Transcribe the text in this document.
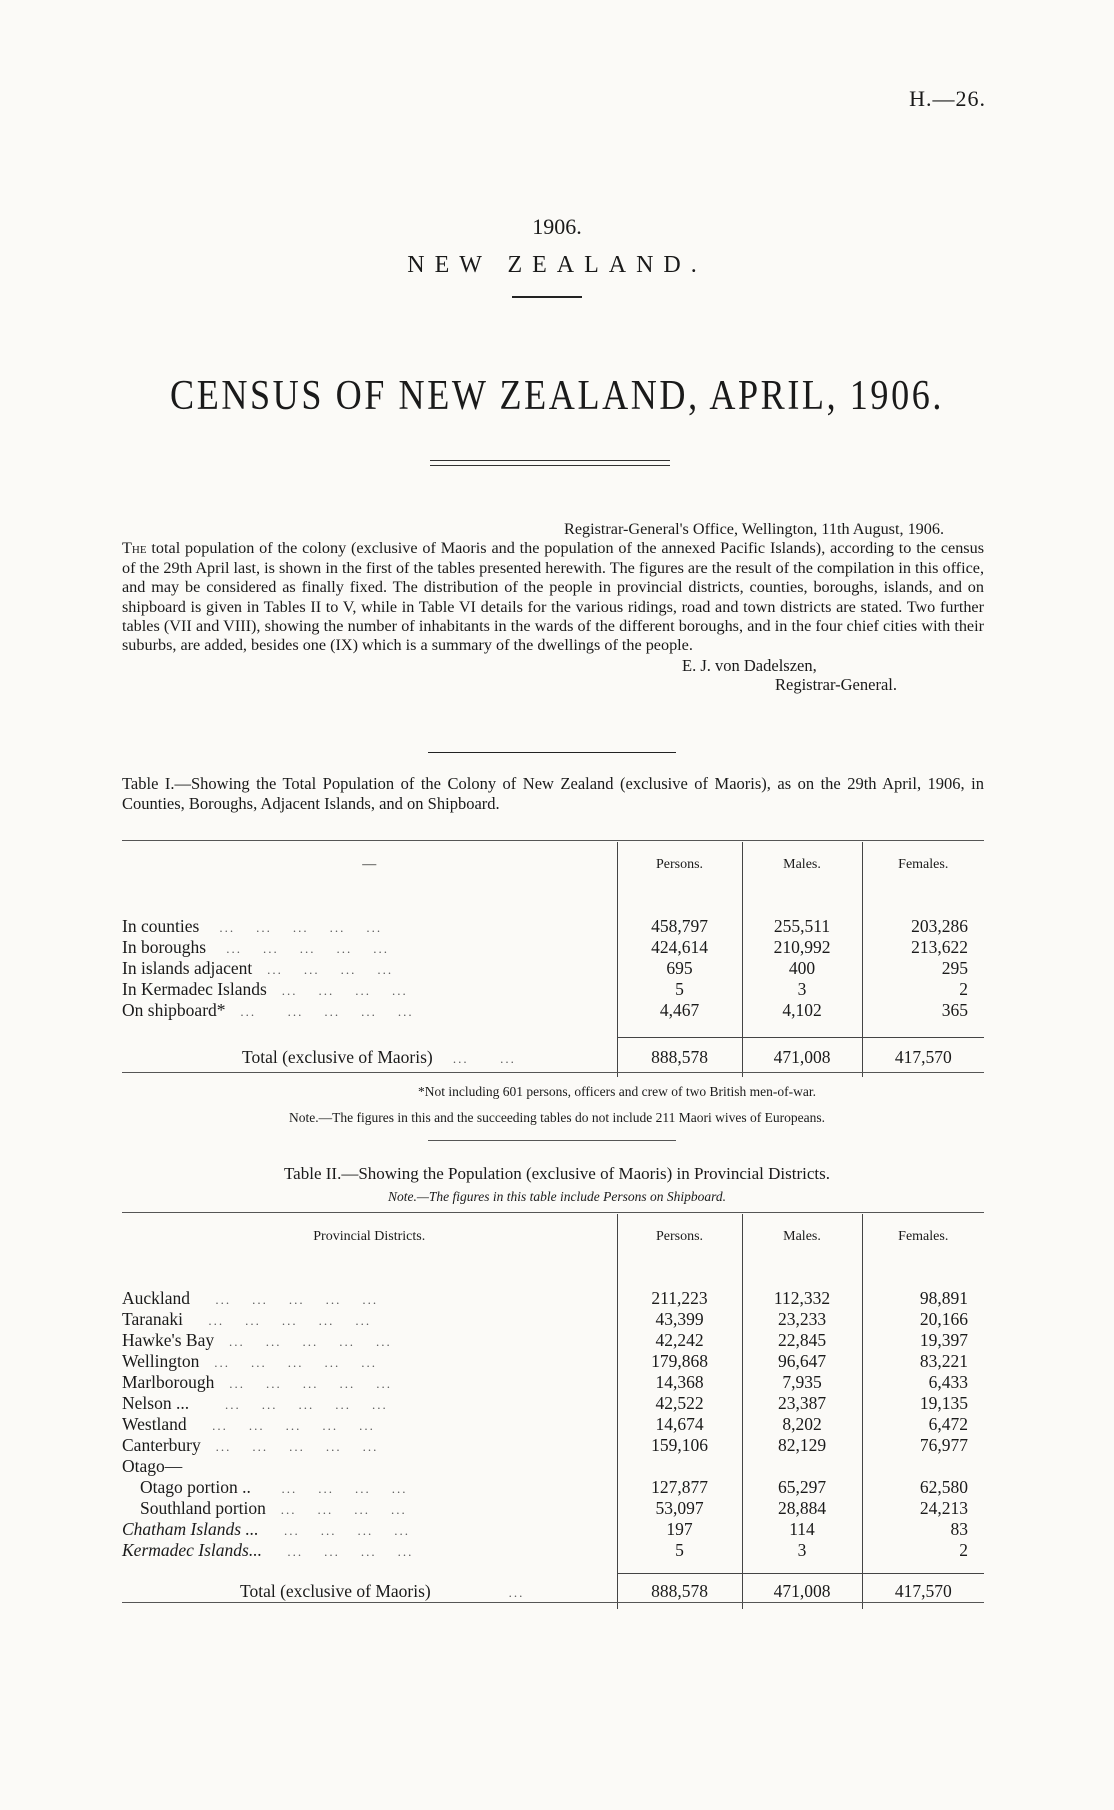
H.—26.
1906.
NEW ZEALAND.
CENSUS OF NEW ZEALAND, APRIL, 1906.

Registrar-General's Office, Wellington, 11th August, 1906.

The total population of the colony (exclusive of Maoris and the population of the annexed Pacific Islands), according to the census of the 29th April last, is shown in the first of the tables presented herewith. The figures are the result of the compilation in this office, and may be considered as finally fixed. The distribution of the people in provincial districts, counties, boroughs, islands, and on shipboard is given in Tables II to V, while in Table VI details for the various ridings, road and town districts are stated. Two further tables (VII and VIII), showing the number of inhabitants in the wards of the different boroughs, and in the four chief cities with their suburbs, are added, besides one (IX) which is a summary of the dwellings of the people.

E. J. von Dadelszen,

Registrar-General.

Table I.—Showing the Total Population of the Colony of New Zealand (exclusive of Maoris), as on the 29th April, 1906, in Counties, Boroughs, Adjacent Islands, and on Shipboard.
—	Persons.	Males.	Females.

In counties    ...    ...    ...    ...    ...	458,797	255,511	203,286
In boroughs    ...    ...    ...    ...    ...	424,614	210,992	213,622
In islands adjacent   ...    ...    ...    ...	695	400	295
In Kermadec Islands   ...    ...    ...    ...	5	3	2
On shipboard*   ...      ...    ...    ...    ...	4,467	4,102	365

Total (exclusive of Maoris)    ...      ...	888,578	471,008	417,570
*Not including 601 persons, officers and crew of two British men-of-war.
Note.—The figures in this and the succeeding tables do not include 211 Maori wives of Europeans.
Table II.—Showing the Population (exclusive of Maoris) in Provincial Districts.
Note.—The figures in this table include Persons on Shipboard.
Provincial Districts.	Persons.	Males.	Females.

Auckland     ...    ...    ...    ...    ...	211,223	112,332	98,891
Taranaki     ...    ...    ...    ...    ...	43,399	23,233	20,166
Hawke's Bay   ...    ...    ...    ...    ...	42,242	22,845	19,397
Wellington   ...    ...    ...    ...    ...	179,868	96,647	83,221
Marlborough   ...    ...    ...    ...    ...	14,368	7,935	6,433
Nelson ...       ...    ...    ...    ...    ...	42,522	23,387	19,135
Westland     ...    ...    ...    ...    ...	14,674	8,202	6,472
Canterbury   ...    ...    ...    ...    ...	159,106	82,129	76,977
Otago—			
Otago portion ..      ...    ...    ...    ...	127,877	65,297	62,580
Southland portion   ...    ...    ...    ...	53,097	28,884	24,213
Chatham Islands ...     ...    ...    ...    ...	197	114	83
Kermadec Islands...     ...    ...    ...    ...	5	3	2

Total (exclusive of Maoris)               ...	888,578	471,008	417,570
